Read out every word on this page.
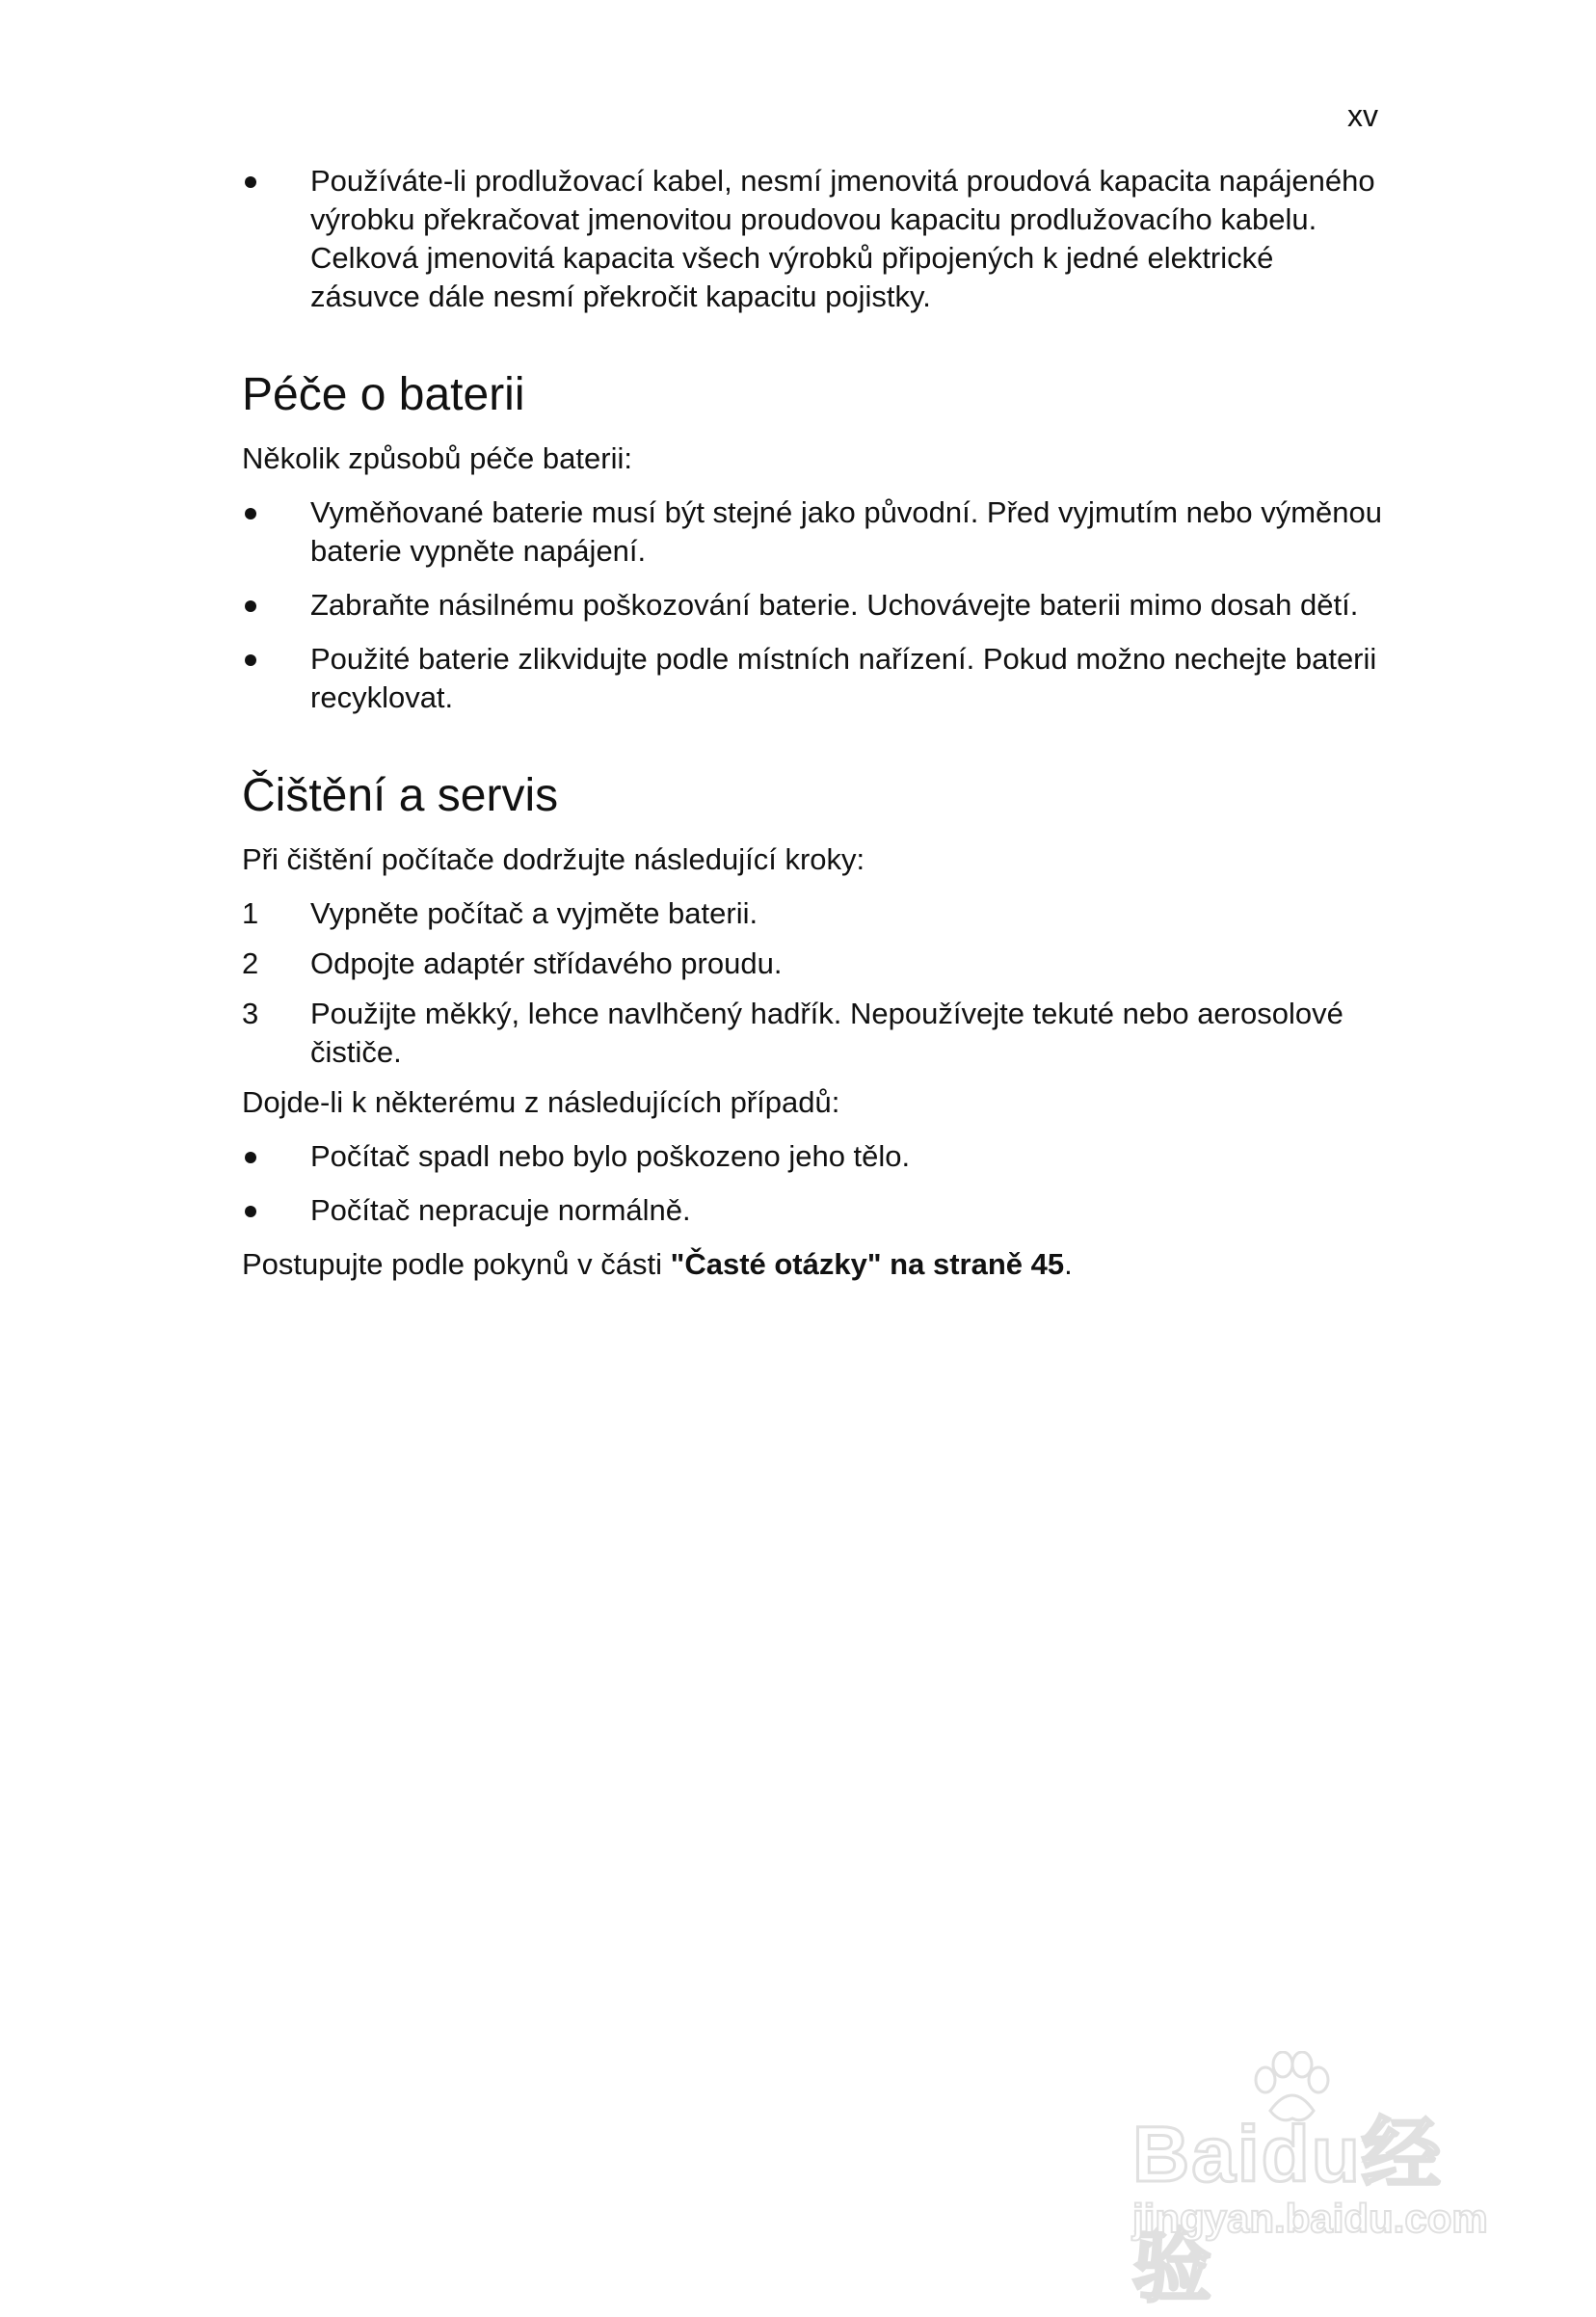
xv
Používáte-li prodlužovací kabel, nesmí jmenovitá proudová kapacita napájeného výrobku překračovat jmenovitou proudovou kapacitu prodlužovacího kabelu. Celková jmenovitá kapacita všech výrobků připojených k jedné elektrické zásuvce dále nesmí překročit kapacitu pojistky.
Péče o baterii

Několik způsobů péče baterii:

Vyměňované baterie musí být stejné jako původní. Před vyjmutím nebo výměnou baterie vypněte napájení.
Zabraňte násilnému poškozování baterie. Uchovávejte baterii mimo dosah dětí.
Použité baterie zlikvidujte podle místních nařízení. Pokud možno nechejte baterii recyklovat.
Čištění a servis

Při čištění počítače dodržujte následující kroky:

1	Vypněte počítač a vyjměte baterii.
2	Odpojte adaptér střídavého proudu.
3	Použijte měkký, lehce navlhčený hadřík. Nepoužívejte tekuté nebo aerosolové čističe.

Dojde-li k některému z následujících případů:

Počítač spadl nebo bylo poškozeno jeho tělo.
Počítač nepracuje normálně.

Postupujte podle pokynů v části "Časté otázky" na straně 45.

Baidu经验
jingyan.baidu.com
